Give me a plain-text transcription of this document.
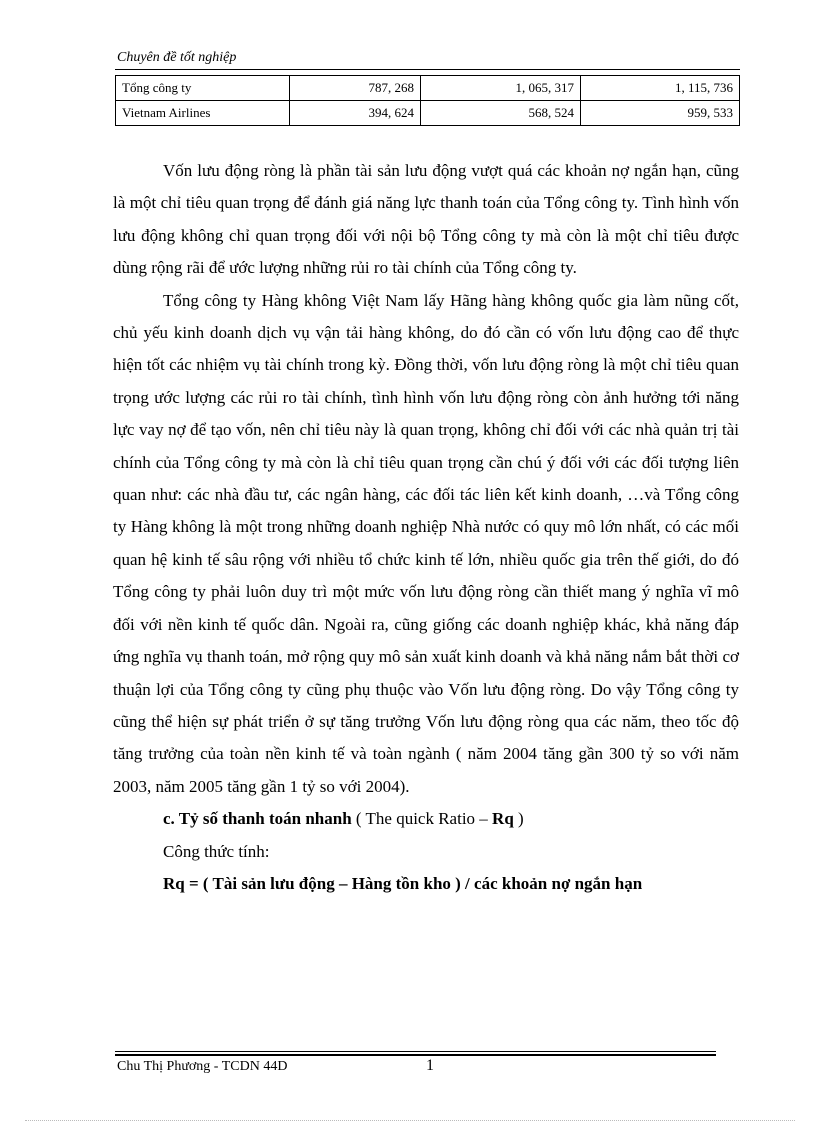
Chuyên đề tốt nghiệp
Tổng công ty	787, 268	1, 065, 317	1, 115, 736
Vietnam Airlines	394, 624	568, 524	959, 533

Vốn lưu động ròng là phần tài sản lưu động vượt quá các khoản nợ ngắn hạn, cũng là một chỉ tiêu quan trọng để đánh giá năng lực thanh toán của Tổng công ty. Tình hình vốn lưu động không chỉ quan trọng đối với nội bộ Tổng công ty mà còn là một chỉ tiêu được dùng rộng rãi để ước lượng những rủi ro tài chính của Tổng công ty.

Tổng công ty Hàng không Việt Nam lấy Hãng hàng không quốc gia làm nũng cốt, chủ yếu kinh doanh dịch vụ vận tải hàng không, do đó cần có vốn lưu động cao để thực hiện tốt các nhiệm vụ tài chính trong kỳ. Đồng thời, vốn lưu động ròng là một chỉ tiêu quan trọng ước lượng các rủi ro tài chính, tình hình vốn lưu động ròng còn ảnh hưởng tới năng lực vay nợ để tạo vốn, nên chỉ tiêu này là quan trọng, không chỉ đối với các nhà quản trị tài chính của Tổng công ty mà còn là chỉ tiêu quan trọng cần chú ý đối với các đối tượng liên quan như: các nhà đầu tư, các ngân hàng, các đối tác liên kết kinh doanh, …và Tổng công ty Hàng không là một trong những doanh nghiệp Nhà nước có quy mô lớn nhất, có các mối quan hệ kinh tế sâu rộng với nhiều tổ chức kinh tế lớn, nhiều quốc gia trên thế giới, do đó Tổng công ty phải luôn duy trì một mức vốn lưu động ròng cần thiết mang ý nghĩa vĩ mô đối với nền kinh tế quốc dân. Ngoài ra, cũng giống các doanh nghiệp khác, khả năng đáp ứng nghĩa vụ thanh toán, mở rộng quy mô sản xuất kinh doanh và khả năng nắm bắt thời cơ thuận lợi của Tổng công ty cũng phụ thuộc vào Vốn lưu động ròng. Do vậy Tổng công ty cũng thể hiện sự phát triển ở sự tăng trưởng Vốn lưu động ròng qua các năm, theo tốc độ tăng trưởng của toàn nền kinh tế và toàn ngành ( năm 2004 tăng gần 300 tỷ so với năm 2003, năm 2005 tăng gần 1 tỷ so với 2004).

c. Tỷ số thanh toán nhanh ( The quick Ratio – Rq )

Công thức tính:

Rq = ( Tài sản lưu động – Hàng tồn kho ) / các khoản nợ ngắn hạn

Chu Thị Phương - TCDN 44D	1
